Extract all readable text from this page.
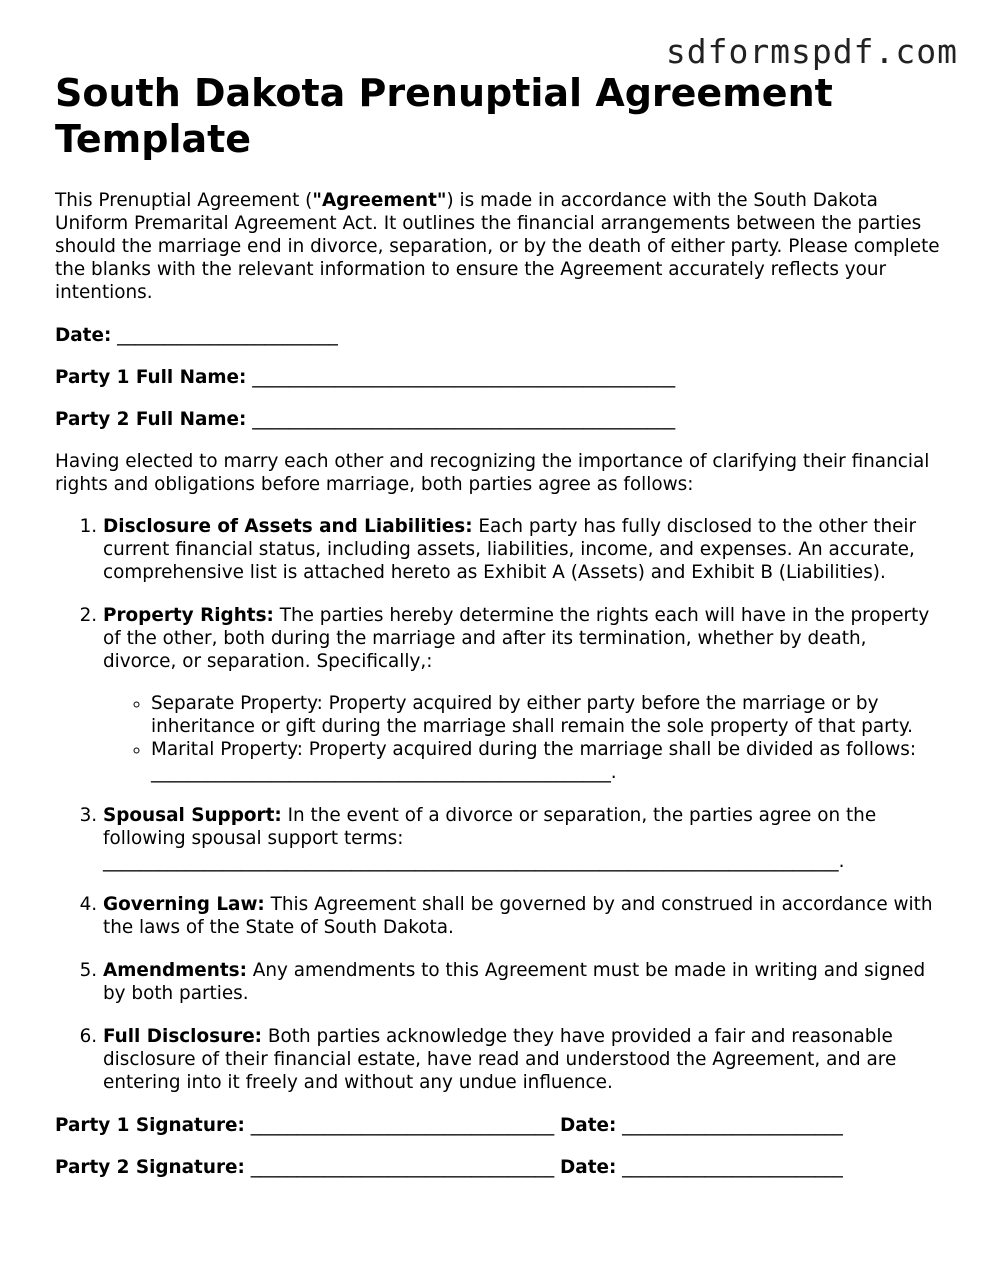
sdformspdf.com
South Dakota Prenuptial Agreement Template

This Prenuptial Agreement ("Agreement") is made in accordance with the South Dakota Uniform Premarital Agreement Act. It outlines the financial arrangements between the parties should the marriage end in divorce, separation, or by the death of either party. Please complete the blanks with the relevant information to ensure the Agreement accurately reflects your intentions.

Date: ________________________

Party 1 Full Name: ______________________________________________

Party 2 Full Name: ______________________________________________

Having elected to marry each other and recognizing the importance of clarifying their financial rights and obligations before marriage, both parties agree as follows:

1. Disclosure of Assets and Liabilities: Each party has fully disclosed to the other their current financial status, including assets, liabilities, income, and expenses. An accurate, comprehensive list is attached hereto as Exhibit A (Assets) and Exhibit B (Liabilities).
2. Property Rights: The parties hereby determine the rights each will have in the property of the other, both during the marriage and after its termination, whether by death, divorce, or separation. Specifically,:
◦ Separate Property: Property acquired by either party before the marriage or by inheritance or gift during the marriage shall remain the sole property of that party.
◦ Marital Property: Property acquired during the marriage shall be divided as follows: __________________________________________________.
3. Spousal Support: In the event of a divorce or separation, the parties agree on the following spousal support terms: ________________________________________________________________________________.
4. Governing Law: This Agreement shall be governed by and construed in accordance with the laws of the State of South Dakota.
5. Amendments: Any amendments to this Agreement must be made in writing and signed by both parties.
6. Full Disclosure: Both parties acknowledge they have provided a fair and reasonable disclosure of their financial estate, have read and understood the Agreement, and are entering into it freely and without any undue influence.

Party 1 Signature: _________________________________ Date: ________________________

Party 2 Signature: _________________________________ Date: ________________________
